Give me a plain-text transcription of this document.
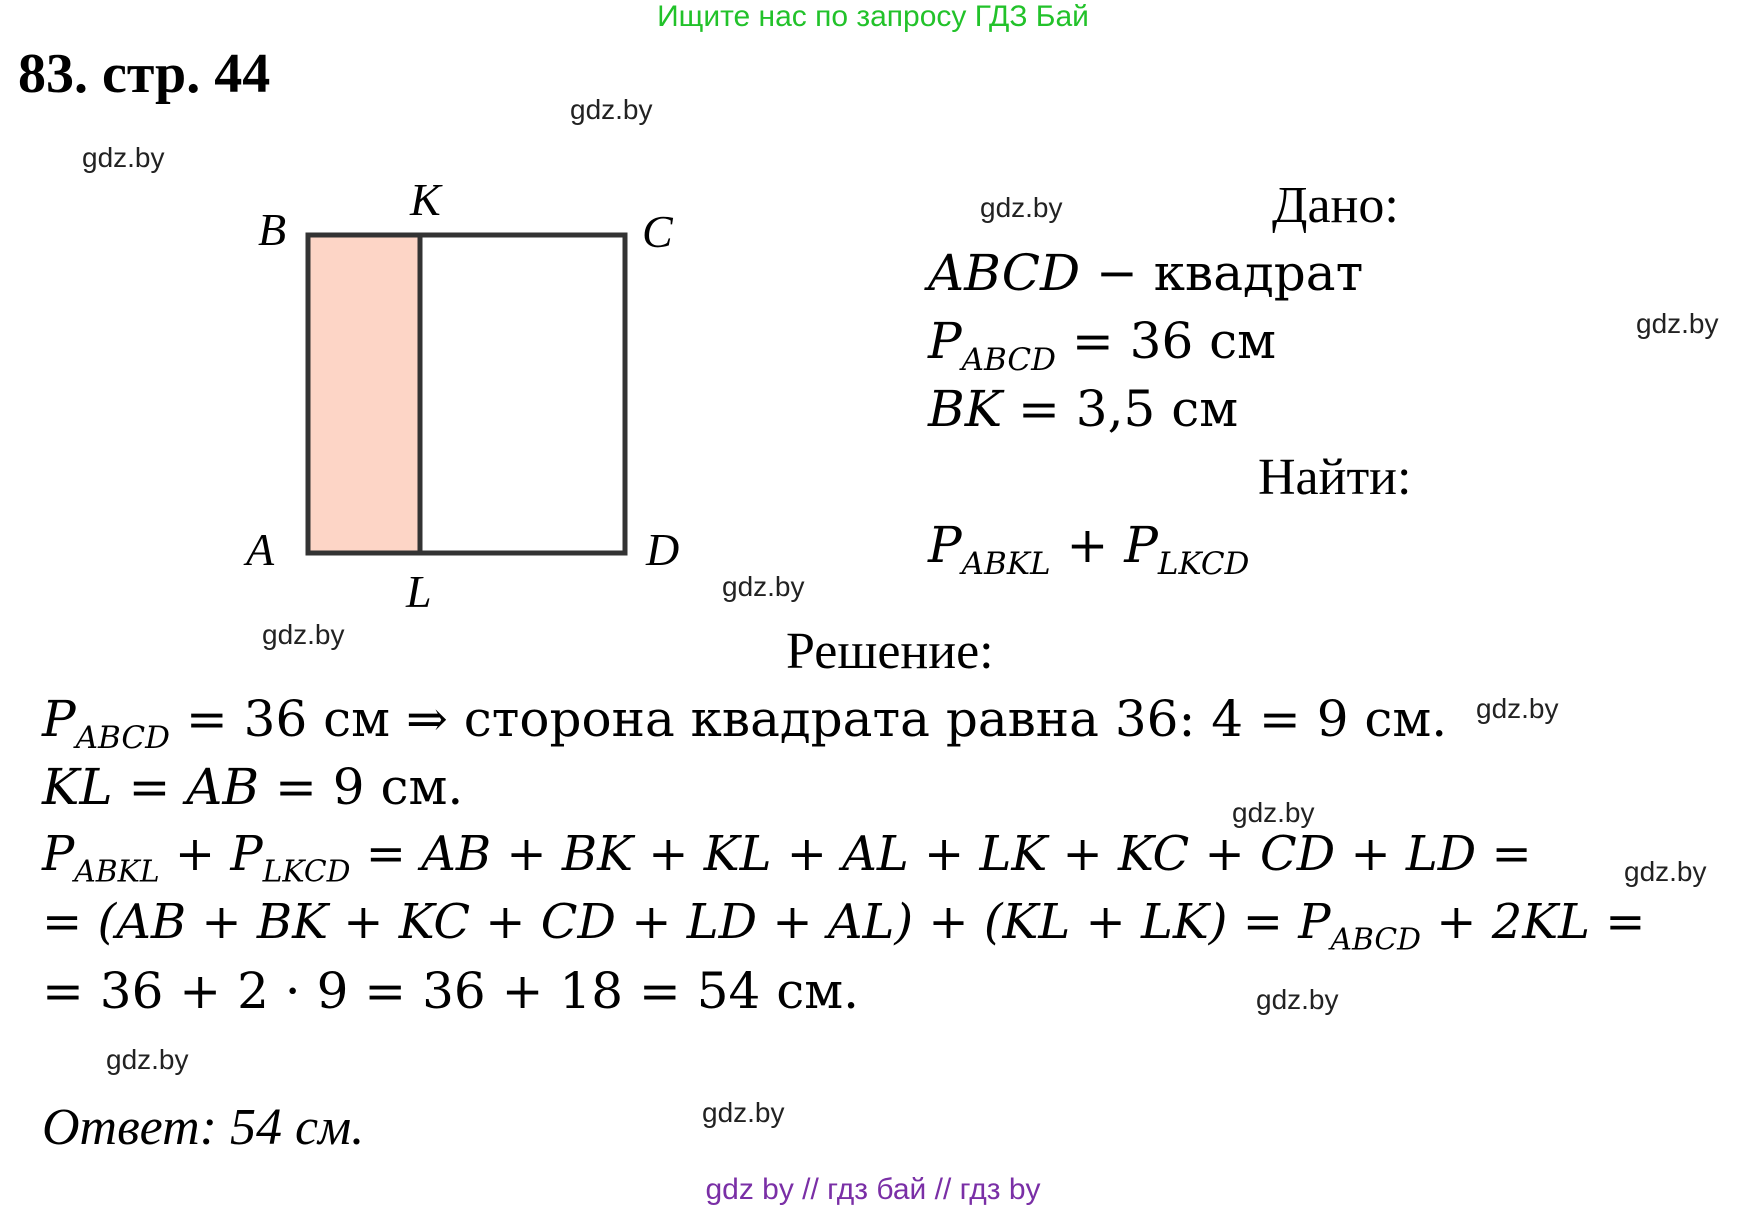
Ищите нас по запросу ГДЗ Бай
83. стр. 44
gdz.by
gdz.by
gdz.by
gdz.by
gdz.by
gdz.by
gdz.by
gdz.by
gdz.by
gdz.by
gdz.by
gdz.by
B
K
C
A
L
D
Дано:
ABCD − квадрат
$P_{ABCD} = 36$ см
BK = 3,5 см
Найти:
$P_{ABKL} + P_{LKCD}$
Решение:
$P_{ABCD} = 36$ см ⇒ сторона квадрата равна 36: 4 = 9 см.
KL = AB = 9 см.
$P_{ABKL} + P_{LKCD}$ = AB + BK + KL + AL + LK + KC + CD + LD =
= (AB + BK + KC + CD + LD + $AL) + (KL + LK) = P_{ABCD} + 2KL$ =
= 36 + 2 · 9 = 36 + 18 = 54 см.
Ответ: 54 см.
gdz by // гдз бай // гдз by
